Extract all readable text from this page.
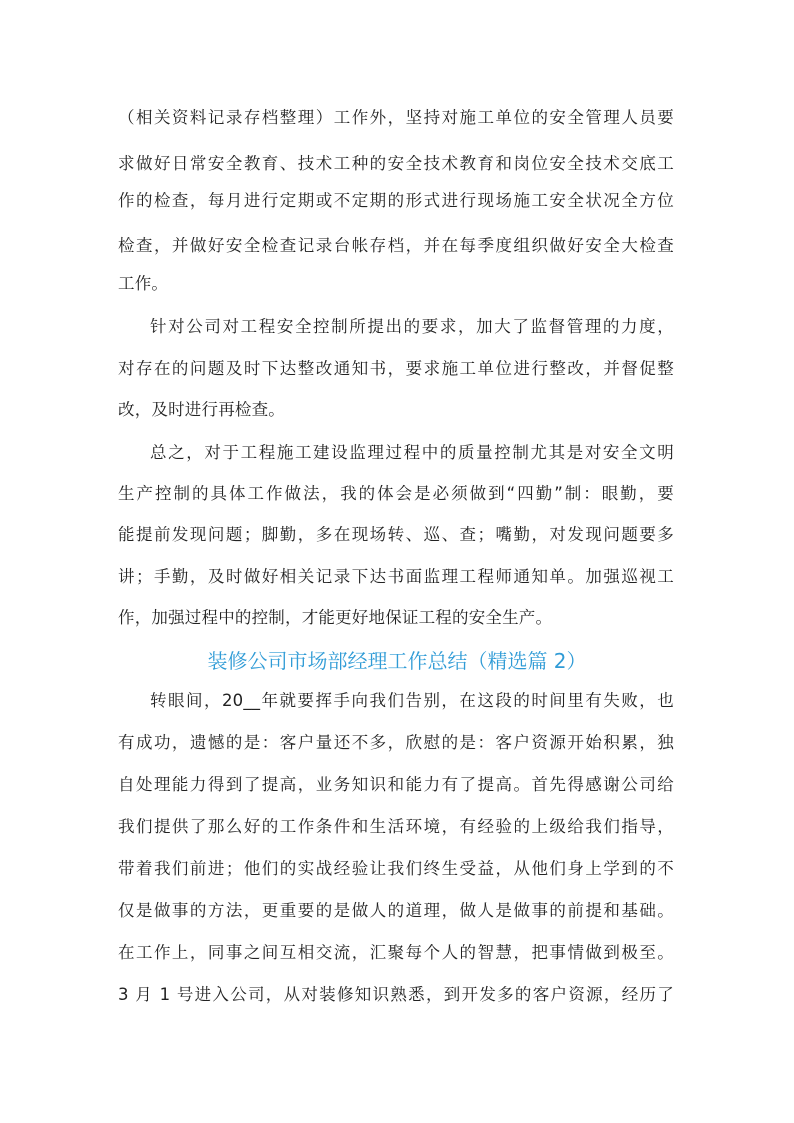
（相关资料记录存档整理）工作外，坚持对施工单位的安全管理人员要
求做好日常安全教育、技术工种的安全技术教育和岗位安全技术交底工
作的检查，每月进行定期或不定期的形式进行现场施工安全状况全方位
检查，并做好安全检查记录台帐存档，并在每季度组织做好安全大检查
工作。
针对公司对工程安全控制所提出的要求，加大了监督管理的力度，
对存在的问题及时下达整改通知书，要求施工单位进行整改，并督促整
改，及时进行再检查。
总之，对于工程施工建设监理过程中的质量控制尤其是对安全文明
生产控制的具体工作做法，我的体会是必须做到“四勤”制：眼勤，要
能提前发现问题；脚勤，多在现场转、巡、查；嘴勤，对发现问题要多
讲；手勤，及时做好相关记录下达书面监理工程师通知单。加强巡视工
作，加强过程中的控制，才能更好地保证工程的安全生产。
装修公司市场部经理工作总结（精选篇 2）
转眼间，20__年就要挥手向我们告别，在这段的时间里有失败，也
有成功，遗憾的是：客户量还不多，欣慰的是：客户资源开始积累，独
自处理能力得到了提高，业务知识和能力有了提高。首先得感谢公司给
我们提供了那么好的工作条件和生活环境，有经验的上级给我们指导，
带着我们前进；他们的实战经验让我们终生受益，从他们身上学到的不
仅是做事的方法，更重要的是做人的道理，做人是做事的前提和基础。
在工作上，同事之间互相交流，汇聚每个人的智慧，把事情做到极至。
3 月 1 号进入公司，从对装修知识熟悉，到开发多的客户资源，经历了
